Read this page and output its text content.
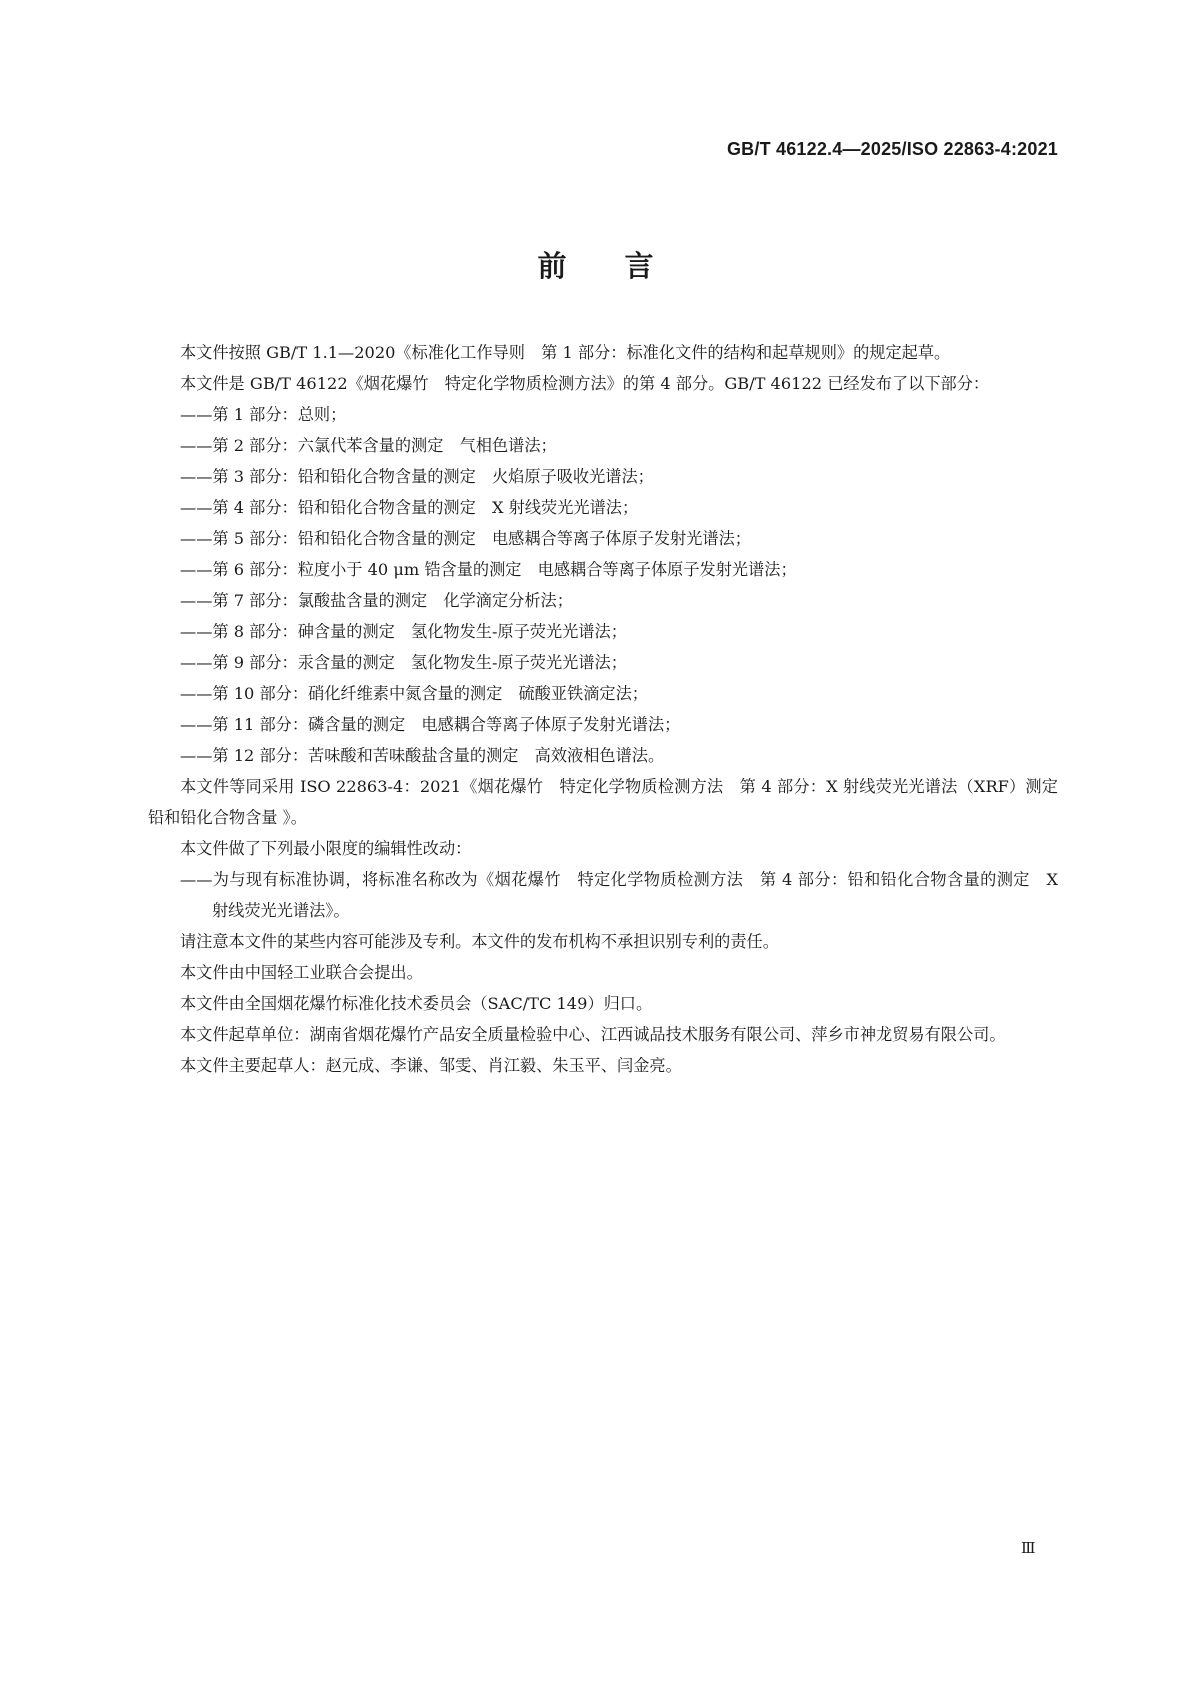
GB/T 46122.4—2025/ISO 22863-4:2021
前言

本文件按照 GB/T 1.1—2020《标准化工作导则　第 1 部分：标准化文件的结构和起草规则》的规定起草。

本文件是 GB/T 46122《烟花爆竹　特定化学物质检测方法》的第 4 部分。GB/T 46122 已经发布了以下部分：

——第 1 部分：总则；
——第 2 部分：六氯代苯含量的测定　气相色谱法；
——第 3 部分：铅和铅化合物含量的测定　火焰原子吸收光谱法；
——第 4 部分：铅和铅化合物含量的测定　X 射线荧光光谱法；
——第 5 部分：铅和铅化合物含量的测定　电感耦合等离子体原子发射光谱法；
——第 6 部分：粒度小于 40 μm 锆含量的测定　电感耦合等离子体原子发射光谱法；
——第 7 部分：氯酸盐含量的测定　化学滴定分析法；
——第 8 部分：砷含量的测定　氢化物发生-原子荧光光谱法；
——第 9 部分：汞含量的测定　氢化物发生-原子荧光光谱法；
——第 10 部分：硝化纤维素中氮含量的测定　硫酸亚铁滴定法；
——第 11 部分：磷含量的测定　电感耦合等离子体原子发射光谱法；
——第 12 部分：苦味酸和苦味酸盐含量的测定　高效液相色谱法。

本文件等同采用 ISO 22863-4：2021《烟花爆竹　特定化学物质检测方法　第 4 部分：X 射线荧光光谱法（XRF）测定铅和铅化合物含量 》。

本文件做了下列最小限度的编辑性改动：

——为与现有标准协调，将标准名称改为《烟花爆竹　特定化学物质检测方法　第 4 部分：铅和铅化合物含量的测定　X 射线荧光光谱法》。

请注意本文件的某些内容可能涉及专利。本文件的发布机构不承担识别专利的责任。

本文件由中国轻工业联合会提出。

本文件由全国烟花爆竹标准化技术委员会（SAC/TC 149）归口。

本文件起草单位：湖南省烟花爆竹产品安全质量检验中心、江西诚品技术服务有限公司、萍乡市神龙贸易有限公司。

本文件主要起草人：赵元成、李谦、邹雯、肖江毅、朱玉平、闫金亮。

Ⅲ
